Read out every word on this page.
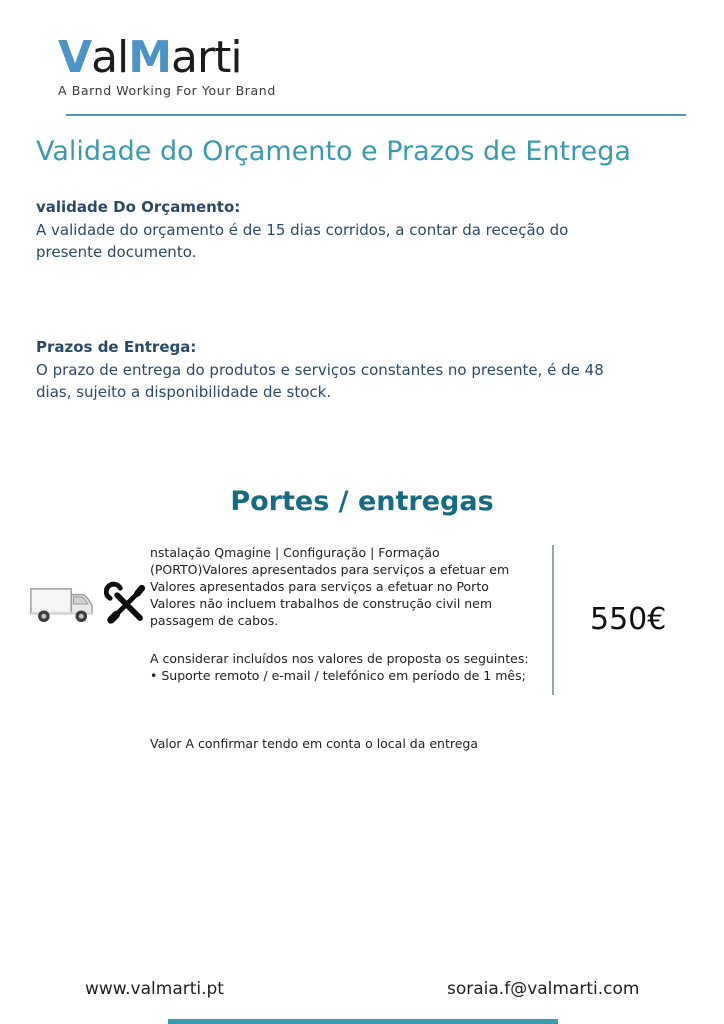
ValMarti
A Barnd Working For Your Brand
Validade do Orçamento e Prazos de Entrega
validade Do Orçamento:
A validade do orçamento é de 15 dias corridos, a contar da receção do presente documento.
Prazos de Entrega:
O prazo de entrega do produtos e serviços constantes no presente, é de 48 dias, sujeito a disponibilidade de stock.
Portes / entregas
nstalação Qmagine | Configuração | Formação
(PORTO)Valores apresentados para serviços a efetuar em
Valores apresentados para serviços a efetuar no Porto
Valores não incluem trabalhos de construção civil nem
passagem de cabos.
A considerar incluídos nos valores de proposta os seguintes:
• Suporte remoto / e-mail / telefónico em período de 1 mês;
550€
Valor A confirmar tendo em conta o local da entrega
www.valmarti.pt	soraia.f@valmarti.com
